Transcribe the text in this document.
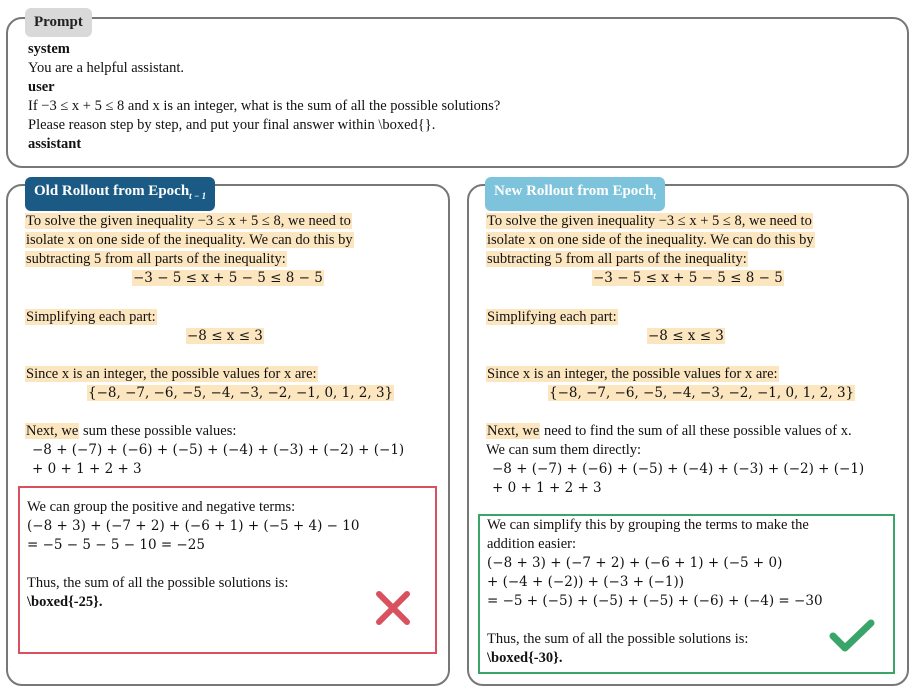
Prompt
system
You are a helpful assistant.
user
If −3 ≤ x + 5 ≤ 8 and x is an integer, what is the sum of all the possible solutions?
Please reason step by step, and put your final answer within \boxed{}.
assistant
Old Rollout from Epoch$_{t - 1}$
To solve the given inequality −3 ≤ x + 5 ≤ 8, we need to
isolate x on one side of the inequality. We can do this by
subtracting 5 from all parts of the inequality:
−3 − 5 ≤ x + 5 − 5 ≤ 8 − 5
Simplifying each part:
−8 ≤ x ≤ 3
Since x is an integer, the possible values for x are:
{−8, −7, −6, −5, −4, −3, −2, −1, 0, 1, 2, 3}
Next, we sum these possible values:
−8 + (−7) + (−6) + (−5) + (−4) + (−3) + (−2) + (−1)
+ 0 + 1 + 2 + 3
We can group the positive and negative terms:
(−8 + 3) + (−7 + 2) + (−6 + 1) + (−5 + 4) − 10
= −5 − 5 − 5 − 10 = −25
Thus, the sum of all the possible solutions is:
\boxed{-25}.
New Rollout from Epoch$_t$
To solve the given inequality −3 ≤ x + 5 ≤ 8, we need to
isolate x on one side of the inequality. We can do this by
subtracting 5 from all parts of the inequality:
−3 − 5 ≤ x + 5 − 5 ≤ 8 − 5
Simplifying each part:
−8 ≤ x ≤ 3
Since x is an integer, the possible values for x are:
{−8, −7, −6, −5, −4, −3, −2, −1, 0, 1, 2, 3}
Next, we need to find the sum of all these possible values of x.
We can sum them directly:
−8 + (−7) + (−6) + (−5) + (−4) + (−3) + (−2) + (−1)
+ 0 + 1 + 2 + 3
We can simplify this by grouping the terms to make the
addition easier:
(−8 + 3) + (−7 + 2) + (−6 + 1) + (−5 + 0)
+ (−4 + (−2)) + (−3 + (−1))
= −5 + (−5) + (−5) + (−5) + (−6) + (−4) = −30
Thus, the sum of all the possible solutions is:
\boxed{-30}.
